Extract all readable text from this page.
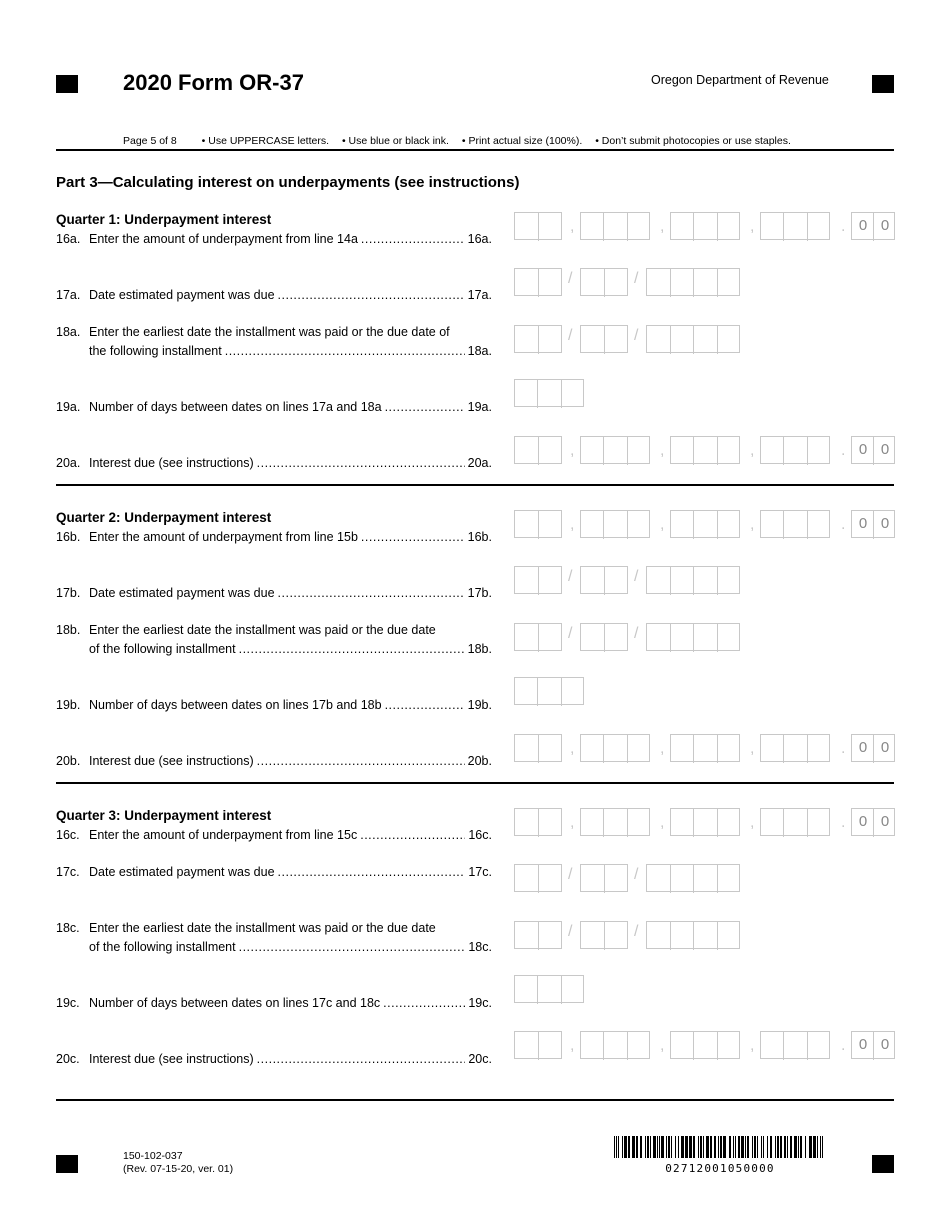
2020 Form OR-37	Oregon Department of Revenue
Page 5 of 8 • Use UPPERCASE letters. • Use blue or black ink. • Print actual size (100%). • Don’t submit photocopies or use staples.
Part 3—Calculating interest on underpayments (see instructions)
Quarter 1: Underpayment interest
16a. Enter the amount of underpayment from line 14a .....	16a.
,	,	,	. 0 0
17a. Date estimated payment was due .....	17a.
/	/
18a. Enter the earliest date the installment was paid or the due date of
the following installment .....	18a.
/	/
19a. Number of days between dates on lines 17a and 18a .....	19a.
20a. Interest due (see instructions) .....	20a.
,	,	,	. 0 0
Quarter 2: Underpayment interest
16b. Enter the amount of underpayment from line 15b .....	16b.
,	,	,	. 0 0
17b. Date estimated payment was due .....	17b.
/	/
18b. Enter the earliest date the installment was paid or the due date
of the following installment .....	18b.
/	/
19b. Number of days between dates on lines 17b and 18b .....	19b.
20b. Interest due (see instructions) .....	20b.
,	,	,	. 0 0
Quarter 3: Underpayment interest
16c. Enter the amount of underpayment from line 15c .....	16c.
,	,	,	. 0 0
17c. Date estimated payment was due .....	17c.	/	/
18c. Enter the earliest date the installment was paid or the due date
of the following installment .....	18c.
/	/
19c. Number of days between dates on lines 17c and 18c .....	19c.
20c. Interest due (see instructions) .....	20c.
,	,	,	. 0 0
150-102-037
(Rev. 07-15-20, ver. 01)	02712001050000
